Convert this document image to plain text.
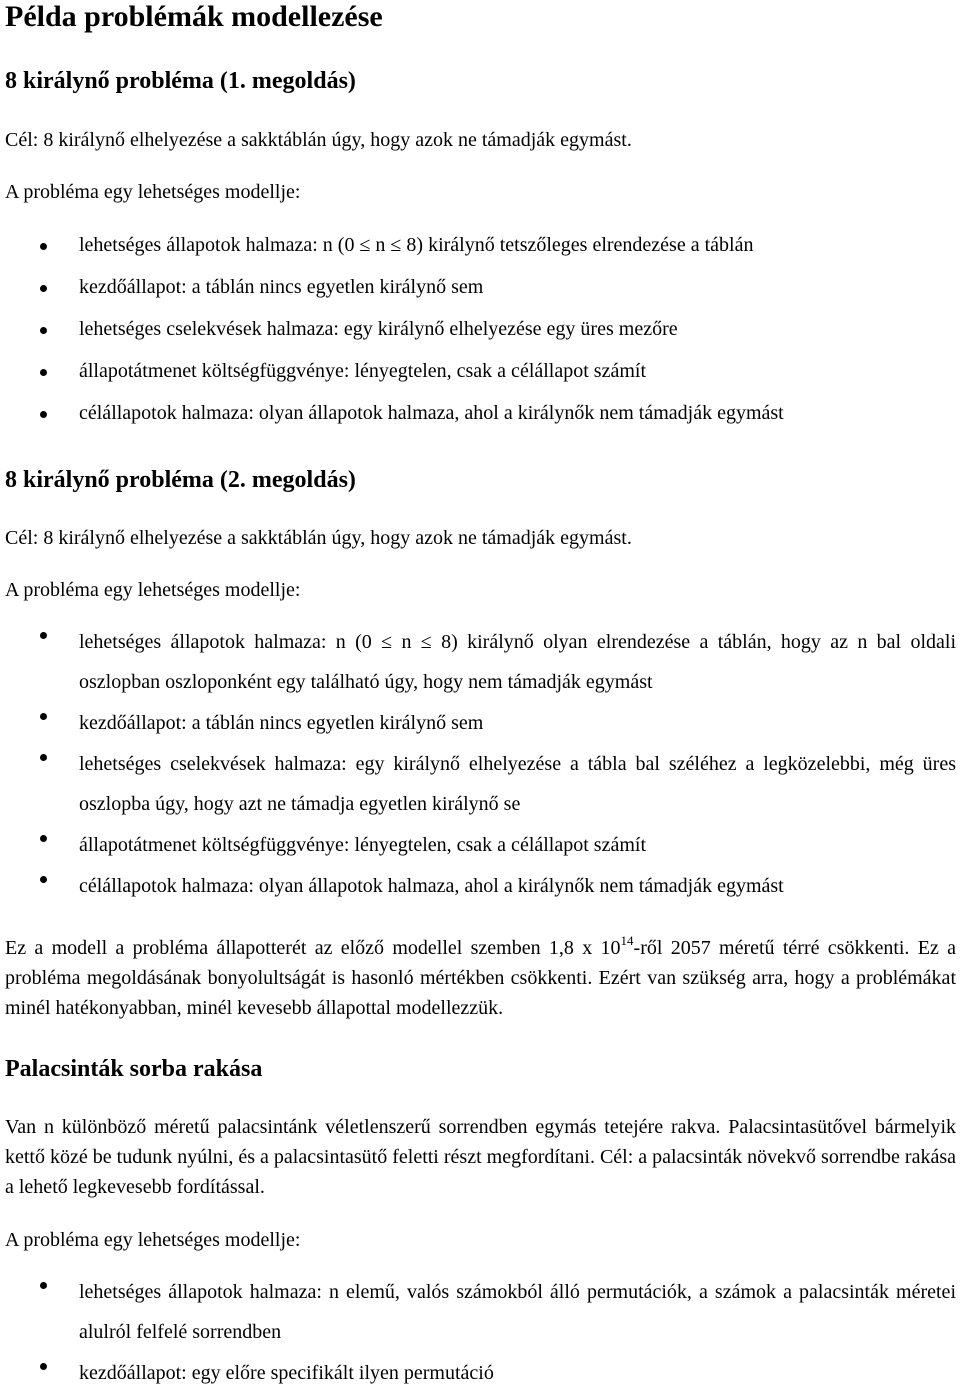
Példa problémák modellezése
8 királynő probléma (1. megoldás)
Cél: 8 királynő elhelyezése a sakktáblán úgy, hogy azok ne támadják egymást.
A probléma egy lehetséges modellje:
lehetséges állapotok halmaza: n (0 ≤ n ≤ 8) királynő tetszőleges elrendezése a táblán
kezdőállapot: a táblán nincs egyetlen királynő sem
lehetséges cselekvések halmaza: egy királynő elhelyezése egy üres mezőre
állapotátmenet költségfüggvénye: lényegtelen, csak a célállapot számít
célállapotok halmaza: olyan állapotok halmaza, ahol a királynők nem támadják egymást
8 királynő probléma (2. megoldás)
Cél: 8 királynő elhelyezése a sakktáblán úgy, hogy azok ne támadják egymást.
A probléma egy lehetséges modellje:
lehetséges állapotok halmaza: n (0 ≤ n ≤ 8) királynő olyan elrendezése a táblán, hogy az n bal oldali oszlopban oszloponként egy található úgy, hogy nem támadják egymást
kezdőállapot: a táblán nincs egyetlen királynő sem
lehetséges cselekvések halmaza: egy királynő elhelyezése a tábla bal széléhez a legközelebbi, még üres oszlopba úgy, hogy azt ne támadja egyetlen királynő se
állapotátmenet költségfüggvénye: lényegtelen, csak a célállapot számít
célállapotok halmaza: olyan állapotok halmaza, ahol a királynők nem támadják egymást
Ez a modell a probléma állapotterét az előző modellel szemben 1,8 x $10^{14}$-ről 2057 méretű térré csökkenti. Ez a probléma megoldásának bonyolultságát is hasonló mértékben csökkenti. Ezért van szükség arra, hogy a problémákat minél hatékonyabban, minél kevesebb állapottal modellezzük.
Palacsinták sorba rakása
Van n különböző méretű palacsintánk véletlenszerű sorrendben egymás tetejére rakva. Palacsintasütővel bármelyik kettő közé be tudunk nyúlni, és a palacsintasütő feletti részt megfordítani. Cél: a palacsinták növekvő sorrendbe rakása a lehető legkevesebb fordítással.
A probléma egy lehetséges modellje:
lehetséges állapotok halmaza: n elemű, valós számokból álló permutációk, a számok a palacsinták méretei alulról felfelé sorrendben
kezdőállapot: egy előre specifikált ilyen permutáció
